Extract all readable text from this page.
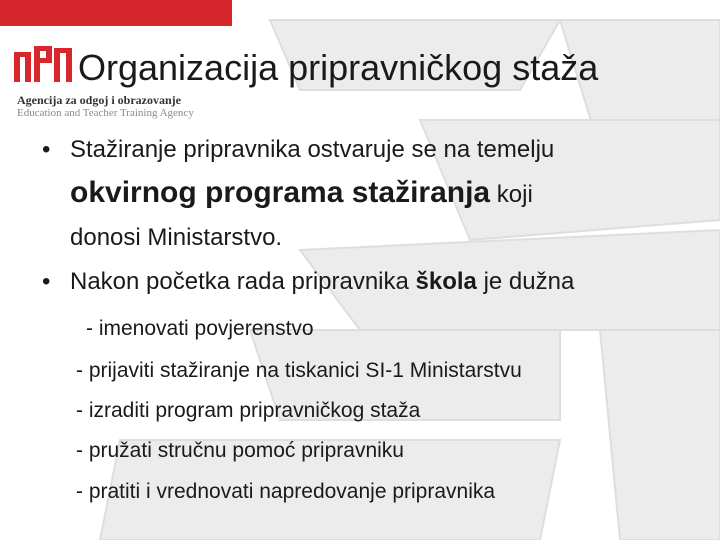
Organizacija pripravničkog staža
Agencija za odgoj i obrazovanje
Education and Teacher Training Agency
• Stažiranje pripravnika ostvaruje se na temelju
okvirnog programa stažiranja koji
donosi Ministarstvo.
• Nakon početka rada pripravnika škola je dužna
- imenovati povjerenstvo
- prijaviti stažiranje na tiskanici SI-1 Ministarstvu
- izraditi program pripravničkog staža
- pružati stručnu pomoć pripravniku
- pratiti i vrednovati napredovanje pripravnika
